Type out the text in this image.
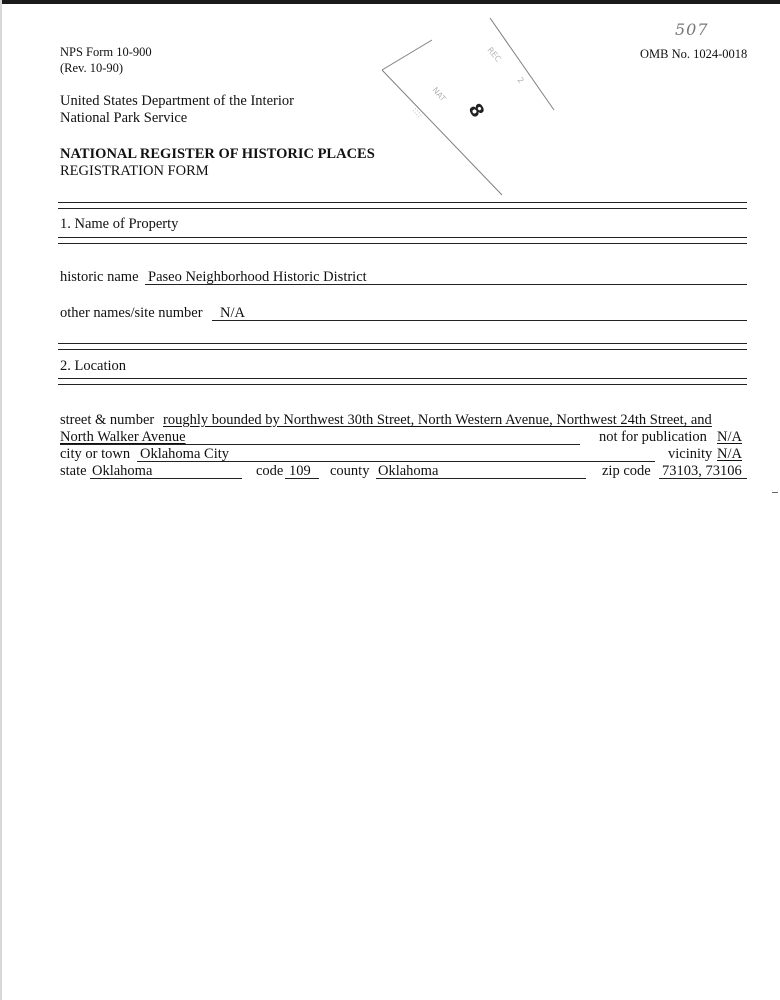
NPS Form 10-900
(Rev. 10-90)
OMB No. 1024-0018
507
United States Department of the Interior
National Park Service
NATIONAL REGISTER OF HISTORIC PLACES
REGISTRATION FORM
REC
2
NAT
:::: 8
1. Name of Property
historic name Paseo Neighborhood Historic District
other names/site number N/A
2. Location
street & number roughly bounded by Northwest 30th Street, North Western Avenue, Northwest 24th Street, and
North Walker Avenue	not for publication N/A
city or town Oklahoma City	vicinity N/A
state Oklahoma	code 109 county Oklahoma	zip code 73103, 73106
